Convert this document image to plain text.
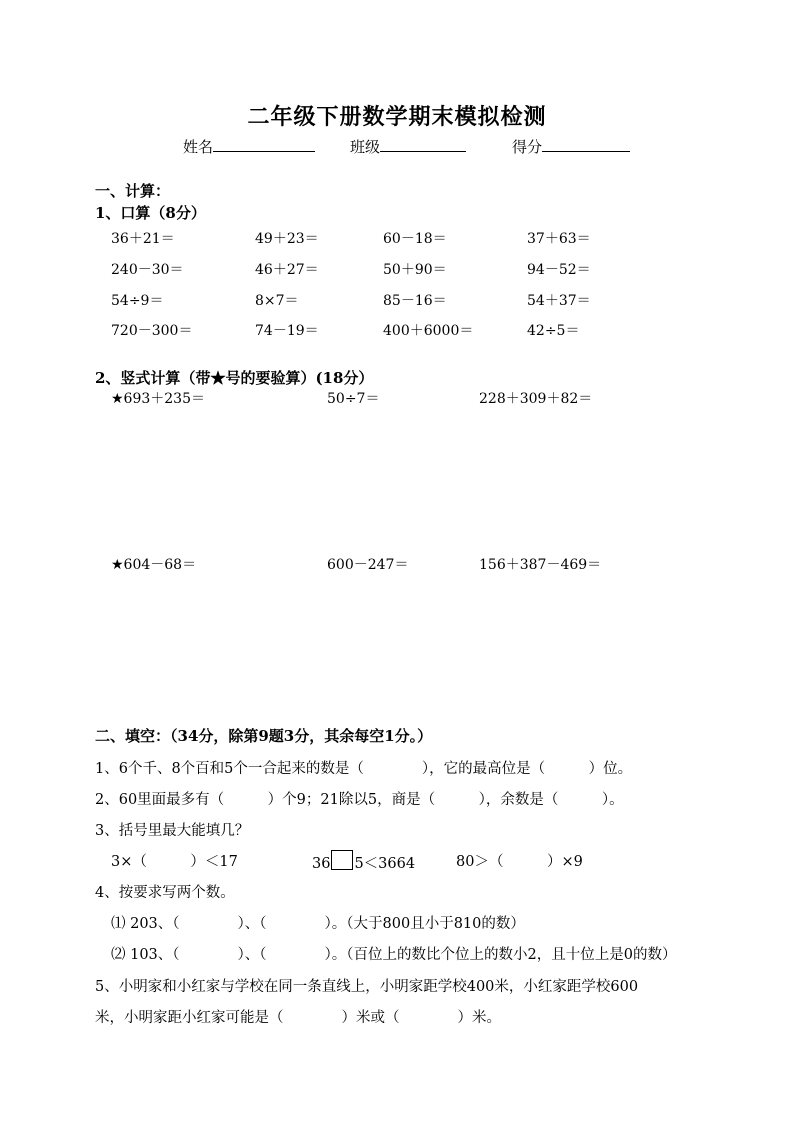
二年级下册数学期末模拟检测
姓名	班级	得分
一、计算：
1、口算（8分）
36＋21＝	49＋23＝	60－18＝	37＋63＝
240－30＝	46＋27＝	50＋90＝	94－52＝
54÷9＝	8×7＝	85－16＝	54＋37＝
720－300＝	74－19＝	400＋6000＝	42÷5＝
2、竖式计算（带★号的要验算）(18分）
★693＋235＝	50÷7＝	228＋309＋82＝
★604－68＝	600－247＝	156＋387－469＝
二、填空：（34分，除第9题3分，其余每空1分。）
1、6个千、8个百和5个一合起来的数是（　　　　），它的最高位是（　　　）位。
2、60里面最多有（　　　）个9；21除以5，商是（　　　），余数是（　　　）。
3、括号里最大能填几？
3×（　　　）＜17	36 5＜3664	80＞（　　　）×9
4、按要求写两个数。
⑴ 203、（　　　　）、（　　　　）。（大于800且小于810的数）
⑵ 103、（　　　　）、（　　　　）。（百位上的数比个位上的数小2，且十位上是0的数）
5、小明家和小红家与学校在同一条直线上，小明家距学校400米，小红家距学校600
米，小明家距小红家可能是（　　　　）米或（　　　　）米。
